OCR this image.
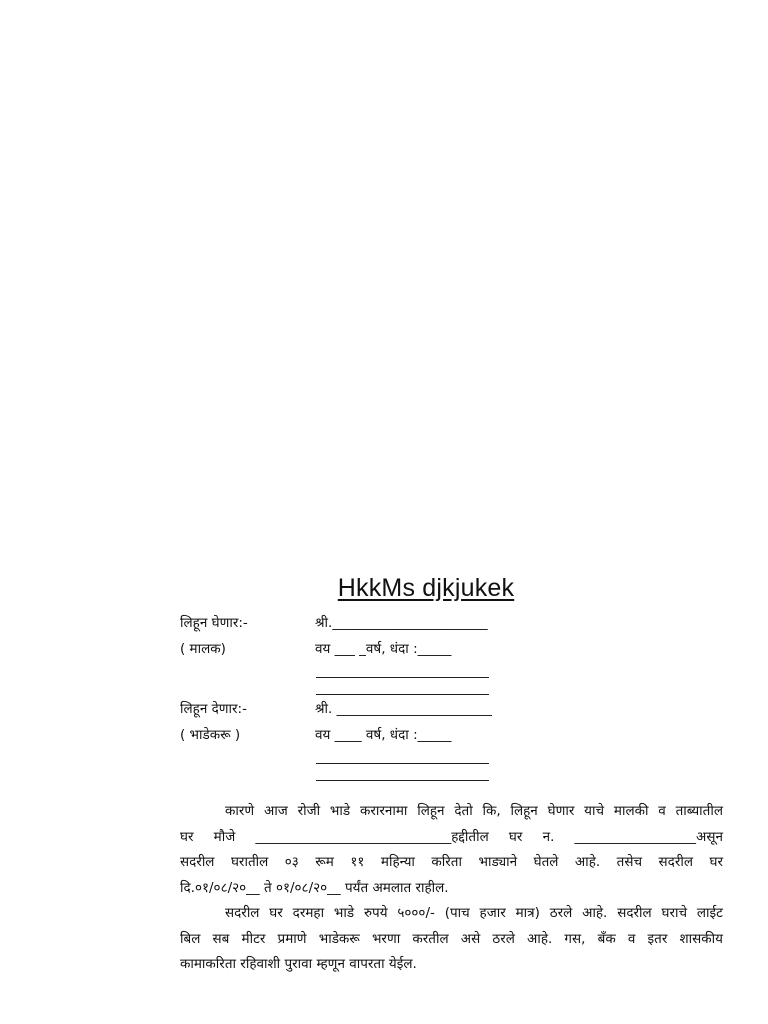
HkkMs djkjukek
लिहून घेणार:-	श्री._______________________
( मालक)	वय ___ _वर्ष, धंदा :_____
लिहून देणार:-	श्री. _______________________
( भाडेकरू )	वय ____ वर्ष, धंदा :_____
कारणे आज रोजी भाडे करारनामा लिहून देतो कि, लिहून घेणार याचे मालकी व ताब्यातील
घर मौजे _____________________________हद्दीतील घर न. __________________असून
सदरील घरातील ०३ रूम ११ महिन्या करिता भाड्याने घेतले आहे. तसेच सदरील घर
दि.०१/०८/२०__ ते ०१/०८/२०__ पर्यंत अमलात राहील.
सदरील घर दरमहा भाडे रुपये ५०००/- (पाच हजार मात्र) ठरले आहे. सदरील घराचे लाईट
बिल सब मीटर प्रमाणे भाडेकरू भरणा करतील असे ठरले आहे. गस, बँक व इतर शासकीय
कामाकरिता रहिवाशी पुरावा म्हणून वापरता येईल.
